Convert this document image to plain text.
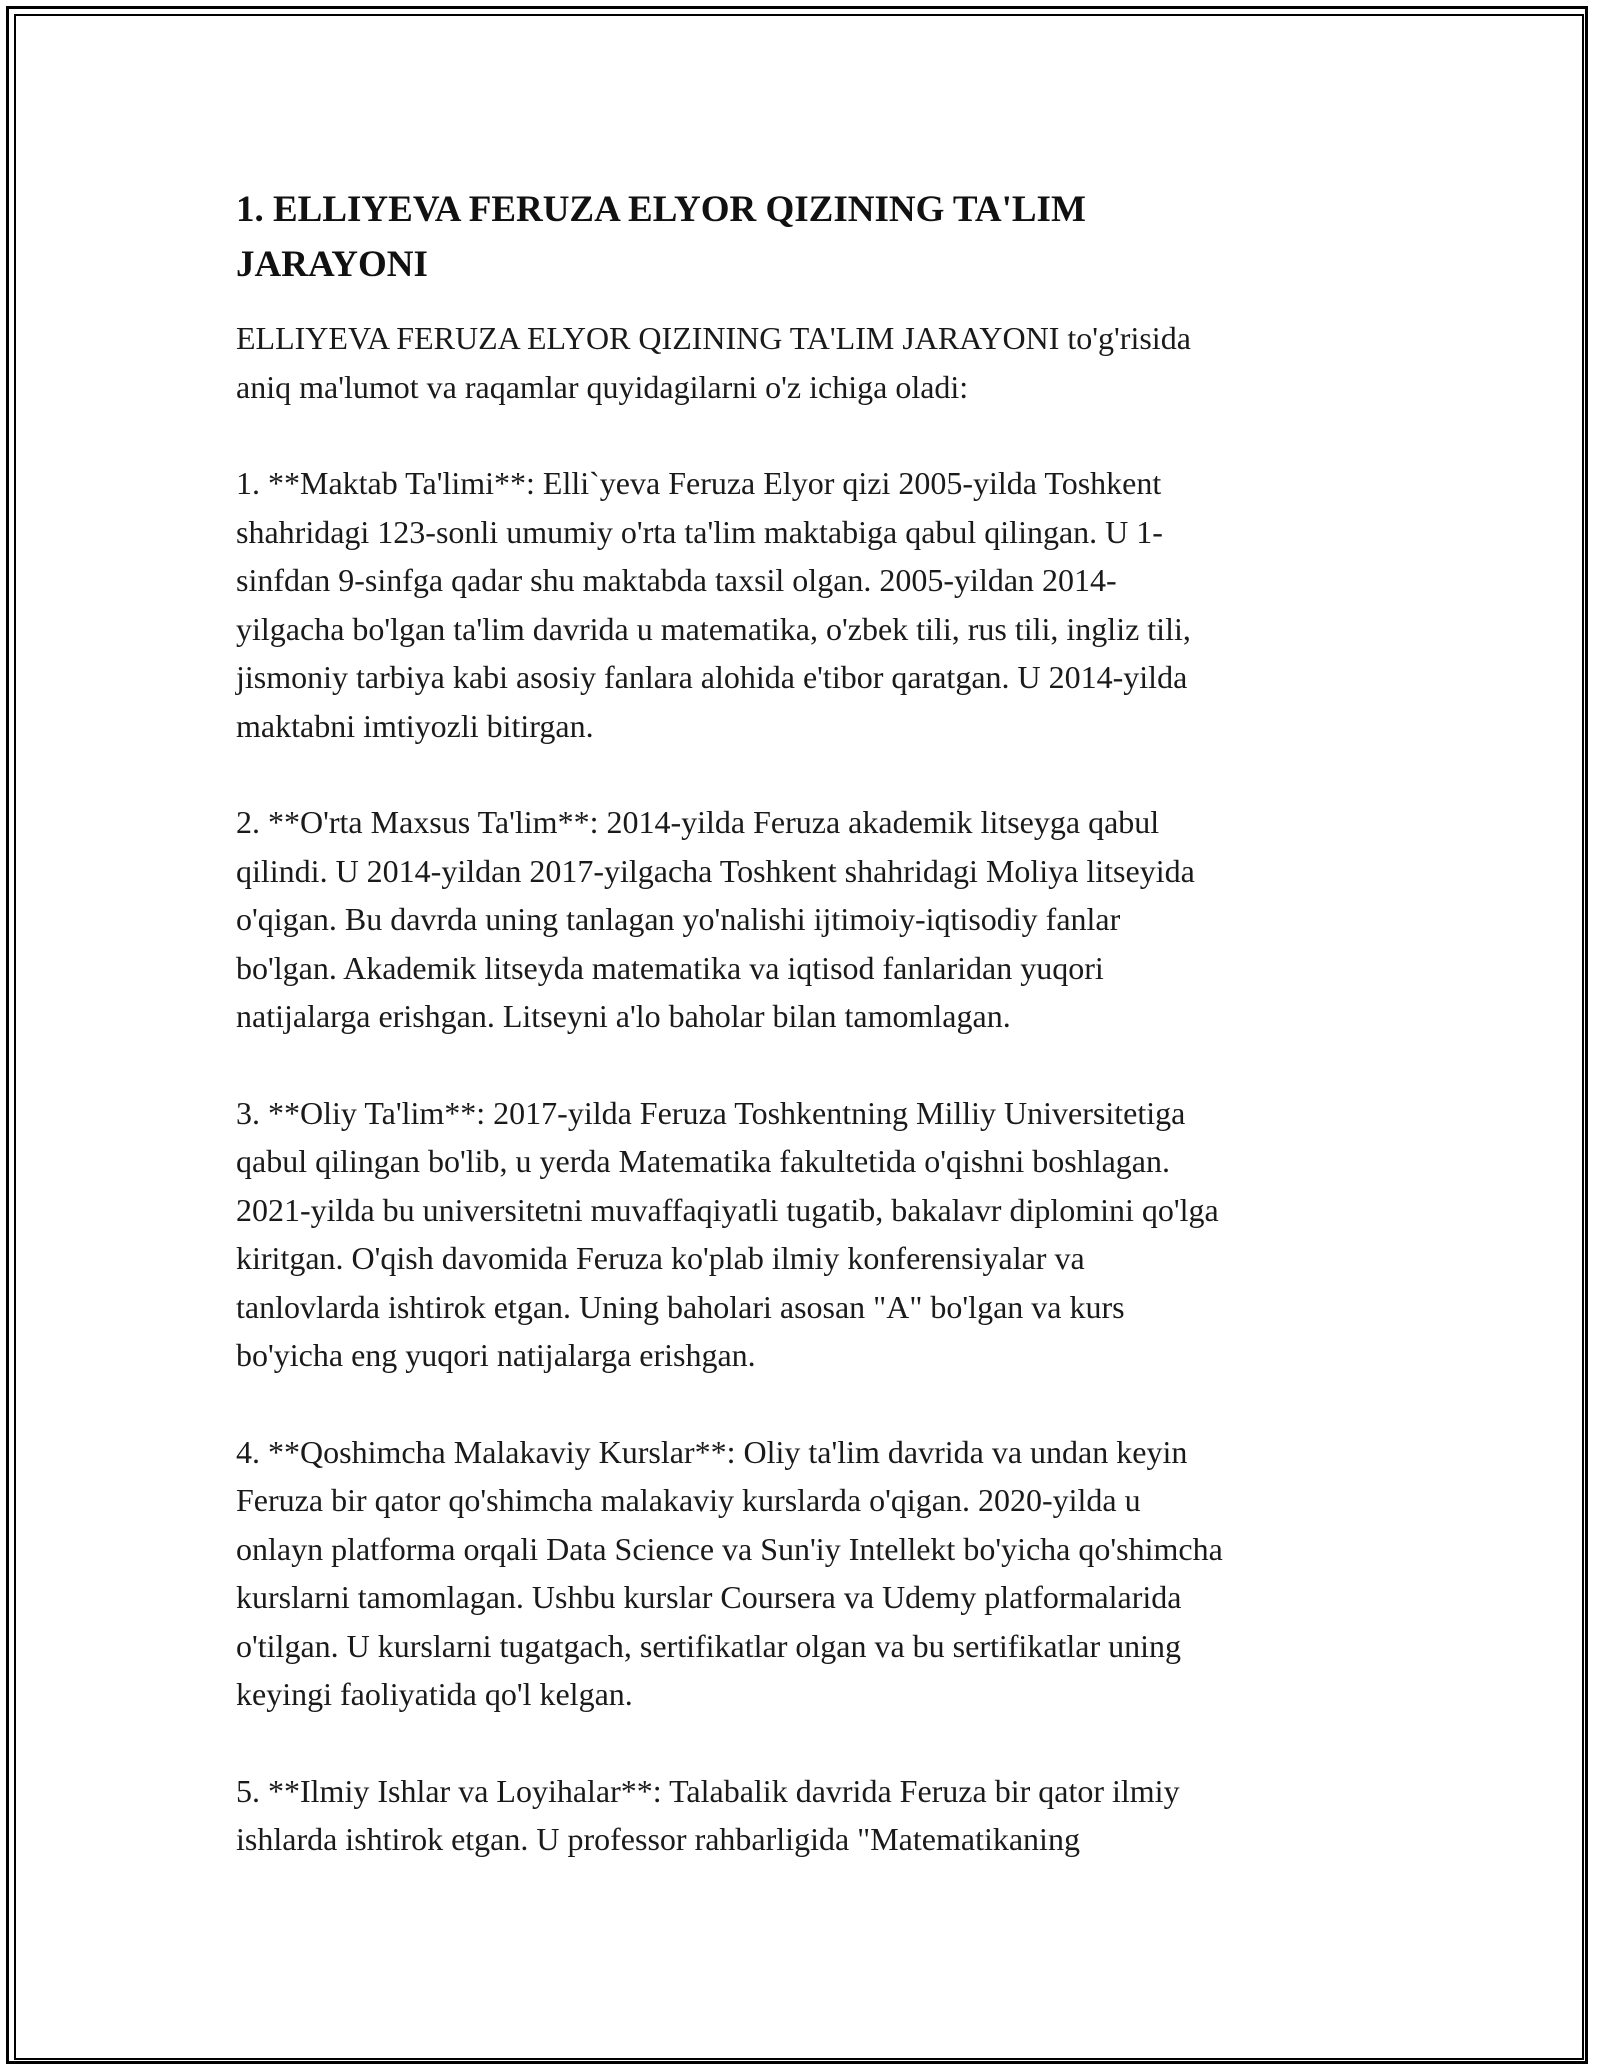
1. ELLIYEVA FERUZA ELYOR QIZINING TA'LIM
JARAYONI

ELLIYEVA FERUZA ELYOR QIZINING TA'LIM JARAYONI to'g'risida
aniq ma'lumot va raqamlar quyidagilarni o'z ichiga oladi:

1. **Maktab Ta'limi**: Elli`yeva Feruza Elyor qizi 2005-yilda Toshkent
shahridagi 123-sonli umumiy o'rta ta'lim maktabiga qabul qilingan. U 1-
sinfdan 9-sinfga qadar shu maktabda taxsil olgan. 2005-yildan 2014-
yilgacha bo'lgan ta'lim davrida u matematika, o'zbek tili, rus tili, ingliz tili,
jismoniy tarbiya kabi asosiy fanlara alohida e'tibor qaratgan. U 2014-yilda
maktabni imtiyozli bitirgan.

2. **O'rta Maxsus Ta'lim**: 2014-yilda Feruza akademik litseyga qabul
qilindi. U 2014-yildan 2017-yilgacha Toshkent shahridagi Moliya litseyida
o'qigan. Bu davrda uning tanlagan yo'nalishi ijtimoiy-iqtisodiy fanlar
bo'lgan. Akademik litseyda matematika va iqtisod fanlaridan yuqori
natijalarga erishgan. Litseyni a'lo baholar bilan tamomlagan.

3. **Oliy Ta'lim**: 2017-yilda Feruza Toshkentning Milliy Universitetiga
qabul qilingan bo'lib, u yerda Matematika fakultetida o'qishni boshlagan.
2021-yilda bu universitetni muvaffaqiyatli tugatib, bakalavr diplomini qo'lga
kiritgan. O'qish davomida Feruza ko'plab ilmiy konferensiyalar va
tanlovlarda ishtirok etgan. Uning baholari asosan "A" bo'lgan va kurs
bo'yicha eng yuqori natijalarga erishgan.

4. **Qoshimcha Malakaviy Kurslar**: Oliy ta'lim davrida va undan keyin
Feruza bir qator qo'shimcha malakaviy kurslarda o'qigan. 2020-yilda u
onlayn platforma orqali Data Science va Sun'iy Intellekt bo'yicha qo'shimcha
kurslarni tamomlagan. Ushbu kurslar Coursera va Udemy platformalarida
o'tilgan. U kurslarni tugatgach, sertifikatlar olgan va bu sertifikatlar uning
keyingi faoliyatida qo'l kelgan.

5. **Ilmiy Ishlar va Loyihalar**: Talabalik davrida Feruza bir qator ilmiy
ishlarda ishtirok etgan. U professor rahbarligida "Matematikaning
